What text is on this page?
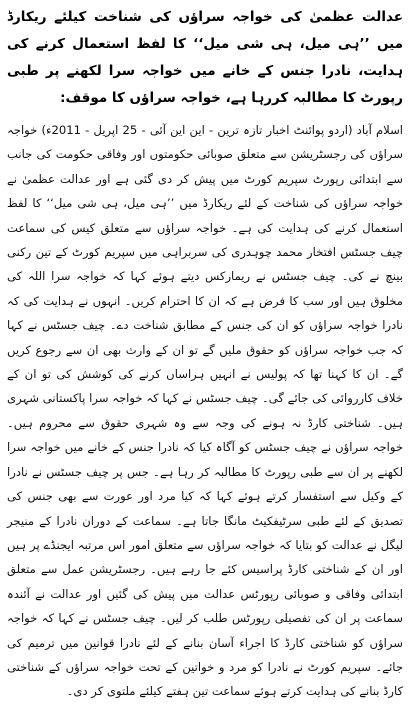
عدالت عظمیٰ کی خواجہ سراؤں کی شناخت کیلئے ریکارڈ میں ’’ہی میل، ہی شی میل‘‘ کا لفظ استعمال کرنے کی ہدایت، نادرا جنس کے خانے میں خواجہ سرا لکھنے پر طبی رپورٹ کا مطالبہ کررہا ہے، خواجہ سراؤں کا موقف:

اسلام آباد (اردو پوائنٹ اخبار تازہ ترین - این این آئی - 25 اپریل - 2011ء) خواجہ سراؤں کی رجسٹریشن سے متعلق صوبائی حکومتوں اور وفاقی حکومت کی جانب سے ابتدائی رپورٹ سپریم کورٹ میں پیش کر دی گئی ہے اور عدالت عظمیٰ نے خواجہ سراؤں کی شناخت کے لئے ریکارڈ میں ’’ہی میل، ہی شی میل‘‘ کا لفظ استعمال کرنے کی ہدایت کی ہے۔ خواجہ سراؤں سے متعلق کیس کی سماعت چیف جسٹس افتخار محمد چوہدری کی سربراہی میں سپریم کورٹ کے تین رکنی بینچ نے کی۔ چیف جسٹس نے ریمارکس دیتے ہوئے کہا کہ خواجہ سرا اللہ کی مخلوق ہیں اور سب کا فرض ہے کہ ان کا احترام کریں۔ انہوں نے ہدایت کی کہ نادرا خواجہ سراؤں کو ان کی جنس کے مطابق شناخت دے۔ چیف جسٹس نے کہا کہ جب خواجہ سراؤں کو حقوق ملیں گے تو ان کے وارث بھی ان سے رجوع کریں گے۔ ان کا کہنا تھا کہ پولیس نے انہیں ہراساں کرنے کی کوشش کی تو ان کے خلاف کارروائی کی جائے گی۔ چیف جسٹس نے کہا کہ خواجہ سرا پاکستانی شہری ہیں۔ شناختی کارڈ نہ ہونے کی وجہ سے وہ شہری حقوق سے محروم ہیں۔ خواجہ سراؤں نے چیف جسٹس کو آگاہ کیا کہ نادرا جنس کے خانے میں خواجہ سرا لکھنے پر ان سے طبی رپورٹ کا مطالبہ کر رہا ہے۔ جس پر چیف جسٹس نے نادرا کے وکیل سے استفسار کرتے ہوئے کہا کہ کیا مرد اور عورت سے بھی جنس کی تصدیق کے لئے طبی سرٹیفکیٹ مانگا جاتا ہے۔ سماعت کے دوران نادرا کے منیجر لیگل نے عدالت کو بتایا کہ خواجہ سراؤں سے متعلق امور اس مرتبہ ایجنڈے پر ہیں اور ان کے شناختی کارڈ پراسیس کئے جا رہے ہیں۔ رجسٹریشن عمل سے متعلق ابتدائی وفاقی و صوبائی رپورٹس عدالت میں پیش کی گئیں اور عدالت نے آئندہ سماعت پر ان کی تفصیلی رپورٹس طلب کر لیں۔ چیف جسٹس نے کہا کہ خواجہ سراؤں کو شناختی کارڈ کا اجراء آسان بنانے کے لئے نادرا قوانین میں ترمیم کی جائے۔ سپریم کورٹ نے نادرا کو مرد و خواتین کے تحت خواجہ سراؤں کے شناختی کارڈ بنانے کی ہدایت کرتے ہوئے سماعت تین ہفتے کیلئے ملتوی کر دی۔
